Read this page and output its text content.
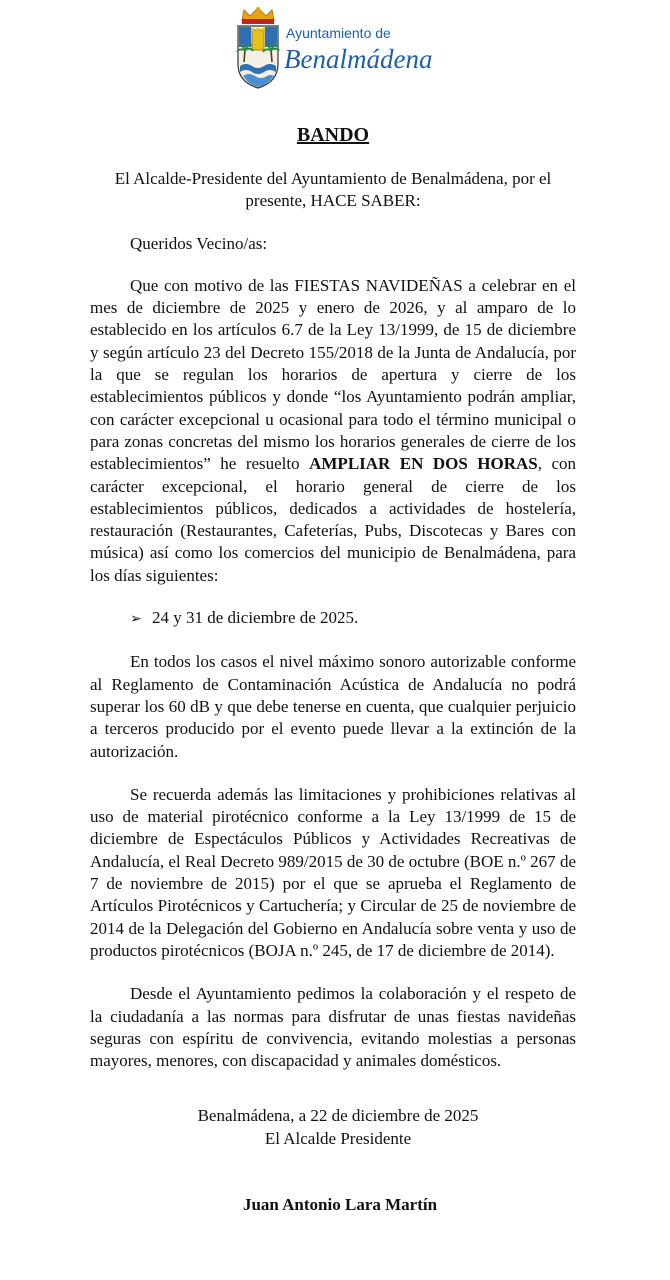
Ayuntamiento de
Benalmádena
BANDO
El Alcalde-Presidente del Ayuntamiento de Benalmádena, por el presente, HACE SABER:
Queridos Vecino/as:
Que con motivo de las FIESTAS NAVIDEÑAS a celebrar en el mes de diciembre de 2025 y enero de 2026, y al amparo de lo establecido en los artículos 6.7 de la Ley 13/1999, de 15 de diciembre y según artículo 23 del Decreto 155/2018 de la Junta de Andalucía, por la que se regulan los horarios de apertura y cierre de los establecimientos públicos y donde “los Ayuntamiento podrán ampliar, con carácter excepcional u ocasional para todo el término municipal o para zonas concretas del mismo los horarios generales de cierre de los establecimientos” he resuelto AMPLIAR EN DOS HORAS, con carácter excepcional, el horario general de cierre de los establecimientos públicos, dedicados a actividades de hostelería, restauración (Restaurantes, Cafeterías, Pubs, Discotecas y Bares con música) así como los comercios del municipio de Benalmádena, para los días siguientes:
➢ 24 y 31 de diciembre de 2025.
En todos los casos el nivel máximo sonoro autorizable conforme al Reglamento de Contaminación Acústica de Andalucía no podrá superar los 60 dB y que debe tenerse en cuenta, que cualquier perjuicio a terceros producido por el evento puede llevar a la extinción de la autorización.
Se recuerda además las limitaciones y prohibiciones relativas al uso de material pirotécnico conforme a la Ley 13/1999 de 15 de diciembre de Espectáculos Públicos y Actividades Recreativas de Andalucía, el Real Decreto 989/2015 de 30 de octubre (BOE n.º 267 de 7 de noviembre de 2015) por el que se aprueba el Reglamento de Artículos Pirotécnicos y Cartuchería; y Circular de 25 de noviembre de 2014 de la Delegación del Gobierno en Andalucía sobre venta y uso de productos pirotécnicos (BOJA n.º 245, de 17 de diciembre de 2014).
Desde el Ayuntamiento pedimos la colaboración y el respeto de la ciudadanía a las normas para disfrutar de unas fiestas navideñas seguras con espíritu de convivencia, evitando molestias a personas mayores, menores, con discapacidad y animales domésticos.
Benalmádena, a 22 de diciembre de 2025
El Alcalde Presidente
Juan Antonio Lara Martín
